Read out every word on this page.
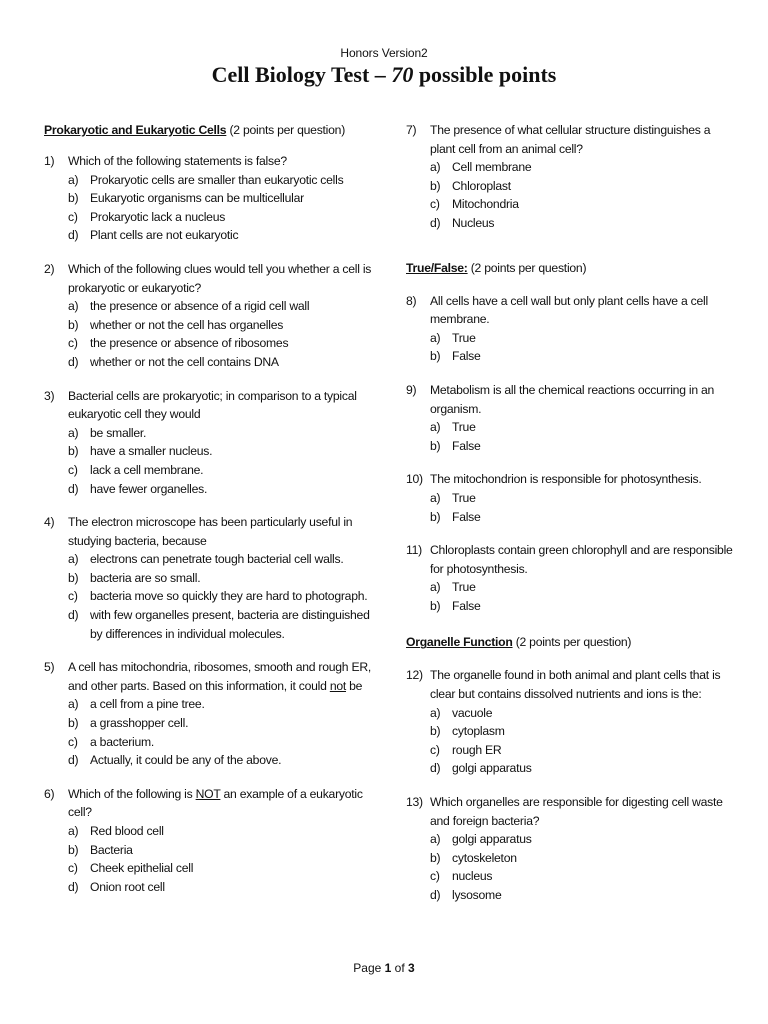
Honors Version2
Cell Biology Test – 70 possible points
Prokaryotic and Eukaryotic Cells (2 points per question)
1)	Which of the following statements is false?
a) Prokaryotic cells are smaller than eukaryotic cells
b) Eukaryotic organisms can be multicellular
c)	Prokaryotic lack a nucleus
d) Plant cells are not eukaryotic
2)	Which of the following clues would tell you whether a cell is prokaryotic or eukaryotic?
a) the presence or absence of a rigid cell wall
b) whether or not the cell has organelles
c)	the presence or absence of ribosomes
d) whether or not the cell contains DNA
3)	Bacterial cells are prokaryotic; in comparison to a typical eukaryotic cell they would
a) be smaller.
b) have a smaller nucleus.
c)	lack a cell membrane.
d) have fewer organelles.
4)	The electron microscope has been particularly useful in studying bacteria, because
a) electrons can penetrate tough bacterial cell walls.
b) bacteria are so small.
c)	bacteria move so quickly they are hard to photograph.
d) with few organelles present, bacteria are distinguished by differences in individual molecules.
5)	A cell has mitochondria, ribosomes, smooth and rough ER, and other parts. Based on this information, it could not be
a) a cell from a pine tree.
b) a grasshopper cell.
c)	a bacterium.
d) Actually, it could be any of the above.
6)	Which of the following is NOT an example of a eukaryotic cell?
a) Red blood cell
b) Bacteria
c)	Cheek epithelial cell
d) Onion root cell
7)	The presence of what cellular structure distinguishes a plant cell from an animal cell?
a) Cell membrane
b) Chloroplast
c)	Mitochondria
d) Nucleus
True/False: (2 points per question)
8)	All cells have a cell wall but only plant cells have a cell membrane.
a) True
b) False
9)	Metabolism is all the chemical reactions occurring in an organism.
a) True
b) False
10) The mitochondrion is responsible for photosynthesis.
a) True
b) False
11) Chloroplasts contain green chlorophyll and are responsible for photosynthesis.
a) True
b) False
Organelle Function (2 points per question)
12) The organelle found in both animal and plant cells that is clear but contains dissolved nutrients and ions is the:
a) vacuole
b) cytoplasm
c)	rough ER
d) golgi apparatus
13) Which organelles are responsible for digesting cell waste and foreign bacteria?
a) golgi apparatus
b) cytoskeleton
c)	nucleus
d) lysosome
Page 1 of 3
